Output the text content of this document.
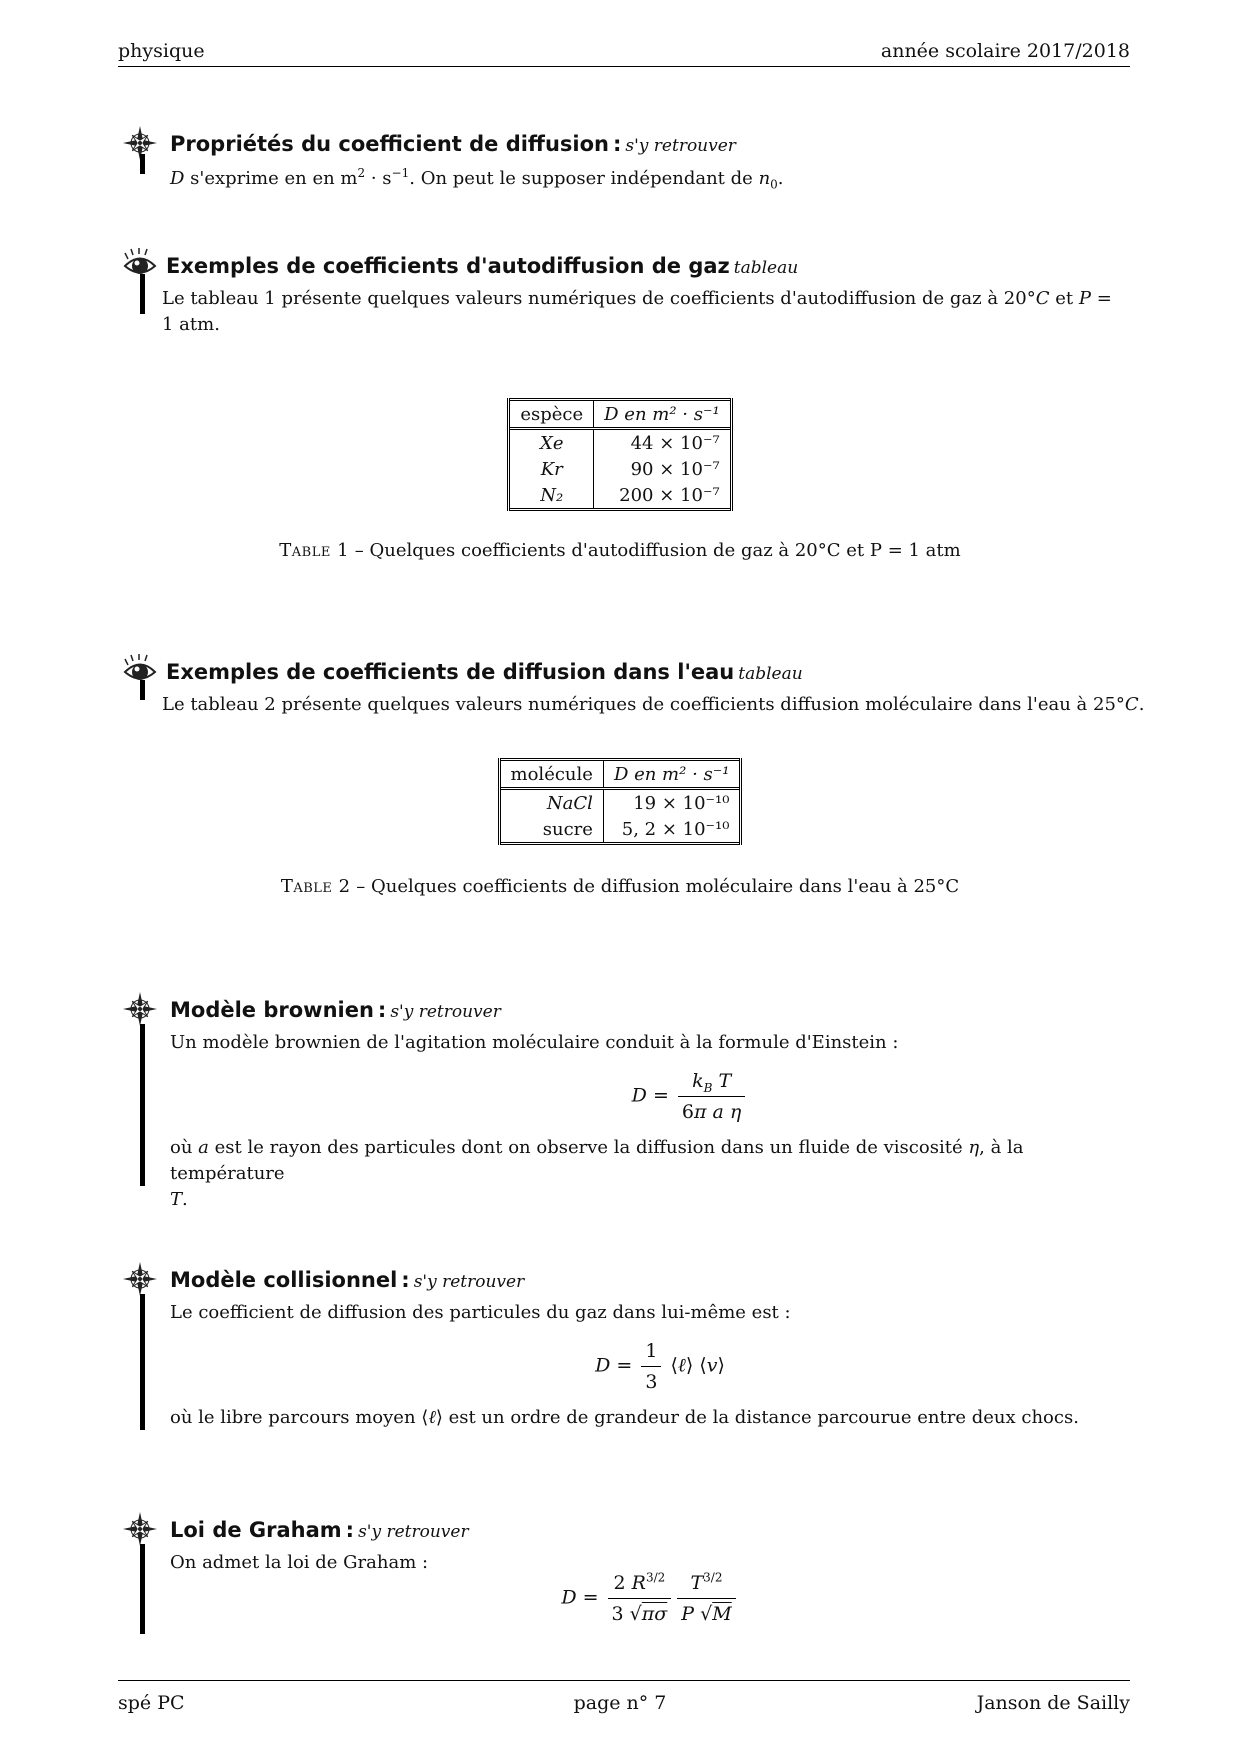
physique	année scolaire 2017/2018
Propriétés du coefficient de diffusion : s'y retrouver
D s'exprime en en $m^2 \cdot s^{-1}$. On peut le supposer indépendant de $n_0$.
Exemples de coefficients d'autodiffusion de gaz tableau
Le tableau 1 présente quelques valeurs numériques de coefficients d'autodiffusion de gaz à 20°C et P =
1 atm.
espèce	D en m² · s⁻¹
Xe	44 × 10⁻⁷
Kr	90 × 10⁻⁷
N₂	200 × 10⁻⁷
Table 1 – Quelques coefficients d'autodiffusion de gaz à 20°C et P = 1 atm
Exemples de coefficients de diffusion dans l'eau tableau
Le tableau 2 présente quelques valeurs numériques de coefficients diffusion moléculaire dans l'eau à 25°C.
molécule	D en m² · s⁻¹
NaCl	19 × 10⁻¹⁰
sucre	5, 2 × 10⁻¹⁰
Table 2 – Quelques coefficients de diffusion moléculaire dans l'eau à 25°C
Modèle brownien : s'y retrouver
Un modèle brownien de l'agitation moléculaire conduit à la formule d'Einstein :
$D = \frac{k_B T}{\text{6π a η}}$
où a est le rayon des particules dont on observe la diffusion dans un fluide de viscosité η, à la température
T.
Modèle collisionnel : s'y retrouver
Le coefficient de diffusion des particules du gaz dans lui-même est :
$D = \frac{1}{3}$ ⟨ℓ⟩ ⟨v⟩
où le libre parcours moyen ⟨ℓ⟩ est un ordre de grandeur de la distance parcourue entre deux chocs.
Loi de Graham : s'y retrouver
On admet la loi de Graham :
$D = \frac{2 R^{3/2}}{3 √\pi\sigma} \frac{T^{3/2}}{P √M}$
spé PC	page n° 7	Janson de Sailly
